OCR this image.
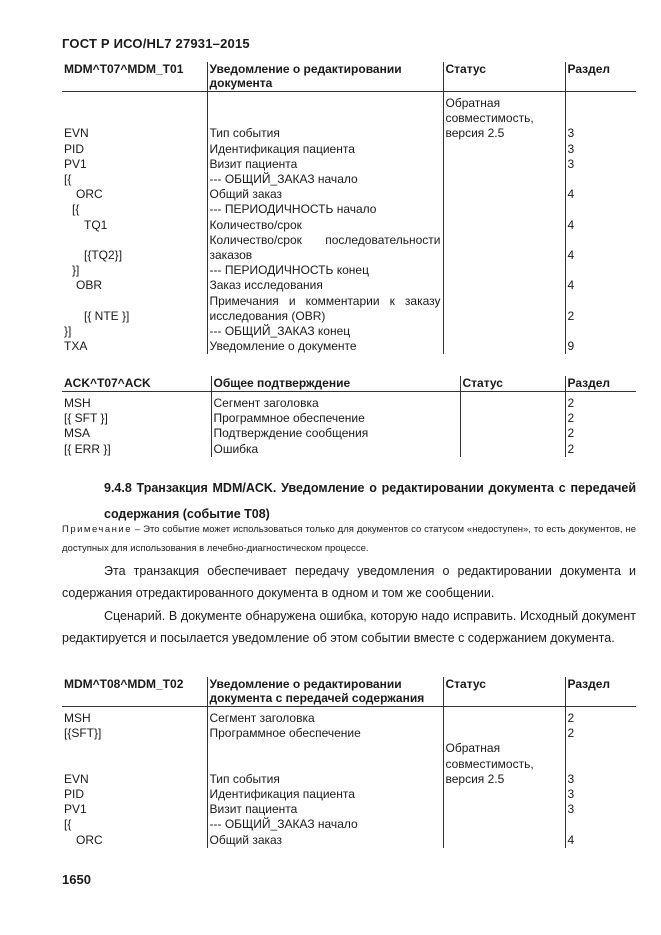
ГОСТ Р ИСО/HL7 27931–2015
MDM^T07^MDM_T01	Уведомление о редактировании документа	Статус	Раздел

EVN	Тип события	Обратная совместимость, версия 2.5	3
PID	Идентификация пациента		3
PV1	Визит пациента		3
[{	--- ОБЩИЙ_ЗАКАЗ начало		
ORC	Общий заказ		4
[{	--- ПЕРИОДИЧНОСТЬ начало		
TQ1	Количество/срок		4
[{TQ2}]	Количество/срок последовательности заказов		4
}]	--- ПЕРИОДИЧНОСТЬ конец		
OBR	Заказ исследования		4
[{ NTE }]	Примечания и комментарии к заказу исследования (OBR)		2
}]	--- ОБЩИЙ_ЗАКАЗ конец		
TXA	Уведомление о документе		9
ACK^T07^ACK	Общее подтверждение	Статус	Раздел

MSH	Сегмент заголовка		2
[{ SFT }]	Программное обеспечение		2
MSA	Подтверждение сообщения		2
[{ ERR }]	Ошибка		2
9.4.8 Транзакция MDM/ACK. Уведомление о редактировании документа с передачей содержания (событие T08)
Примечание – Это событие может использоваться только для документов со статусом «недоступен», то есть документов, не доступных для использования в лечебно-диагностическом процессе.
Эта транзакция обеспечивает передачу уведомления о редактировании документа и содержания отредактированного документа в одном и том же сообщении.
Сценарий. В документе обнаружена ошибка, которую надо исправить. Исходный документ редактируется и посылается уведомление об этом событии вместе с содержанием документа.
MDM^T08^MDM_T02	Уведомление о редактировании документа с передачей содержания	Статус	Раздел

MSH	Сегмент заголовка		2
[{SFT}]	Программное обеспечение		2
EVN	Тип события	Обратная совместимость, версия 2.5	3
PID	Идентификация пациента		3
PV1	Визит пациента		3
[{	--- ОБЩИЙ_ЗАКАЗ начало		
ORC	Общий заказ		4
1650
